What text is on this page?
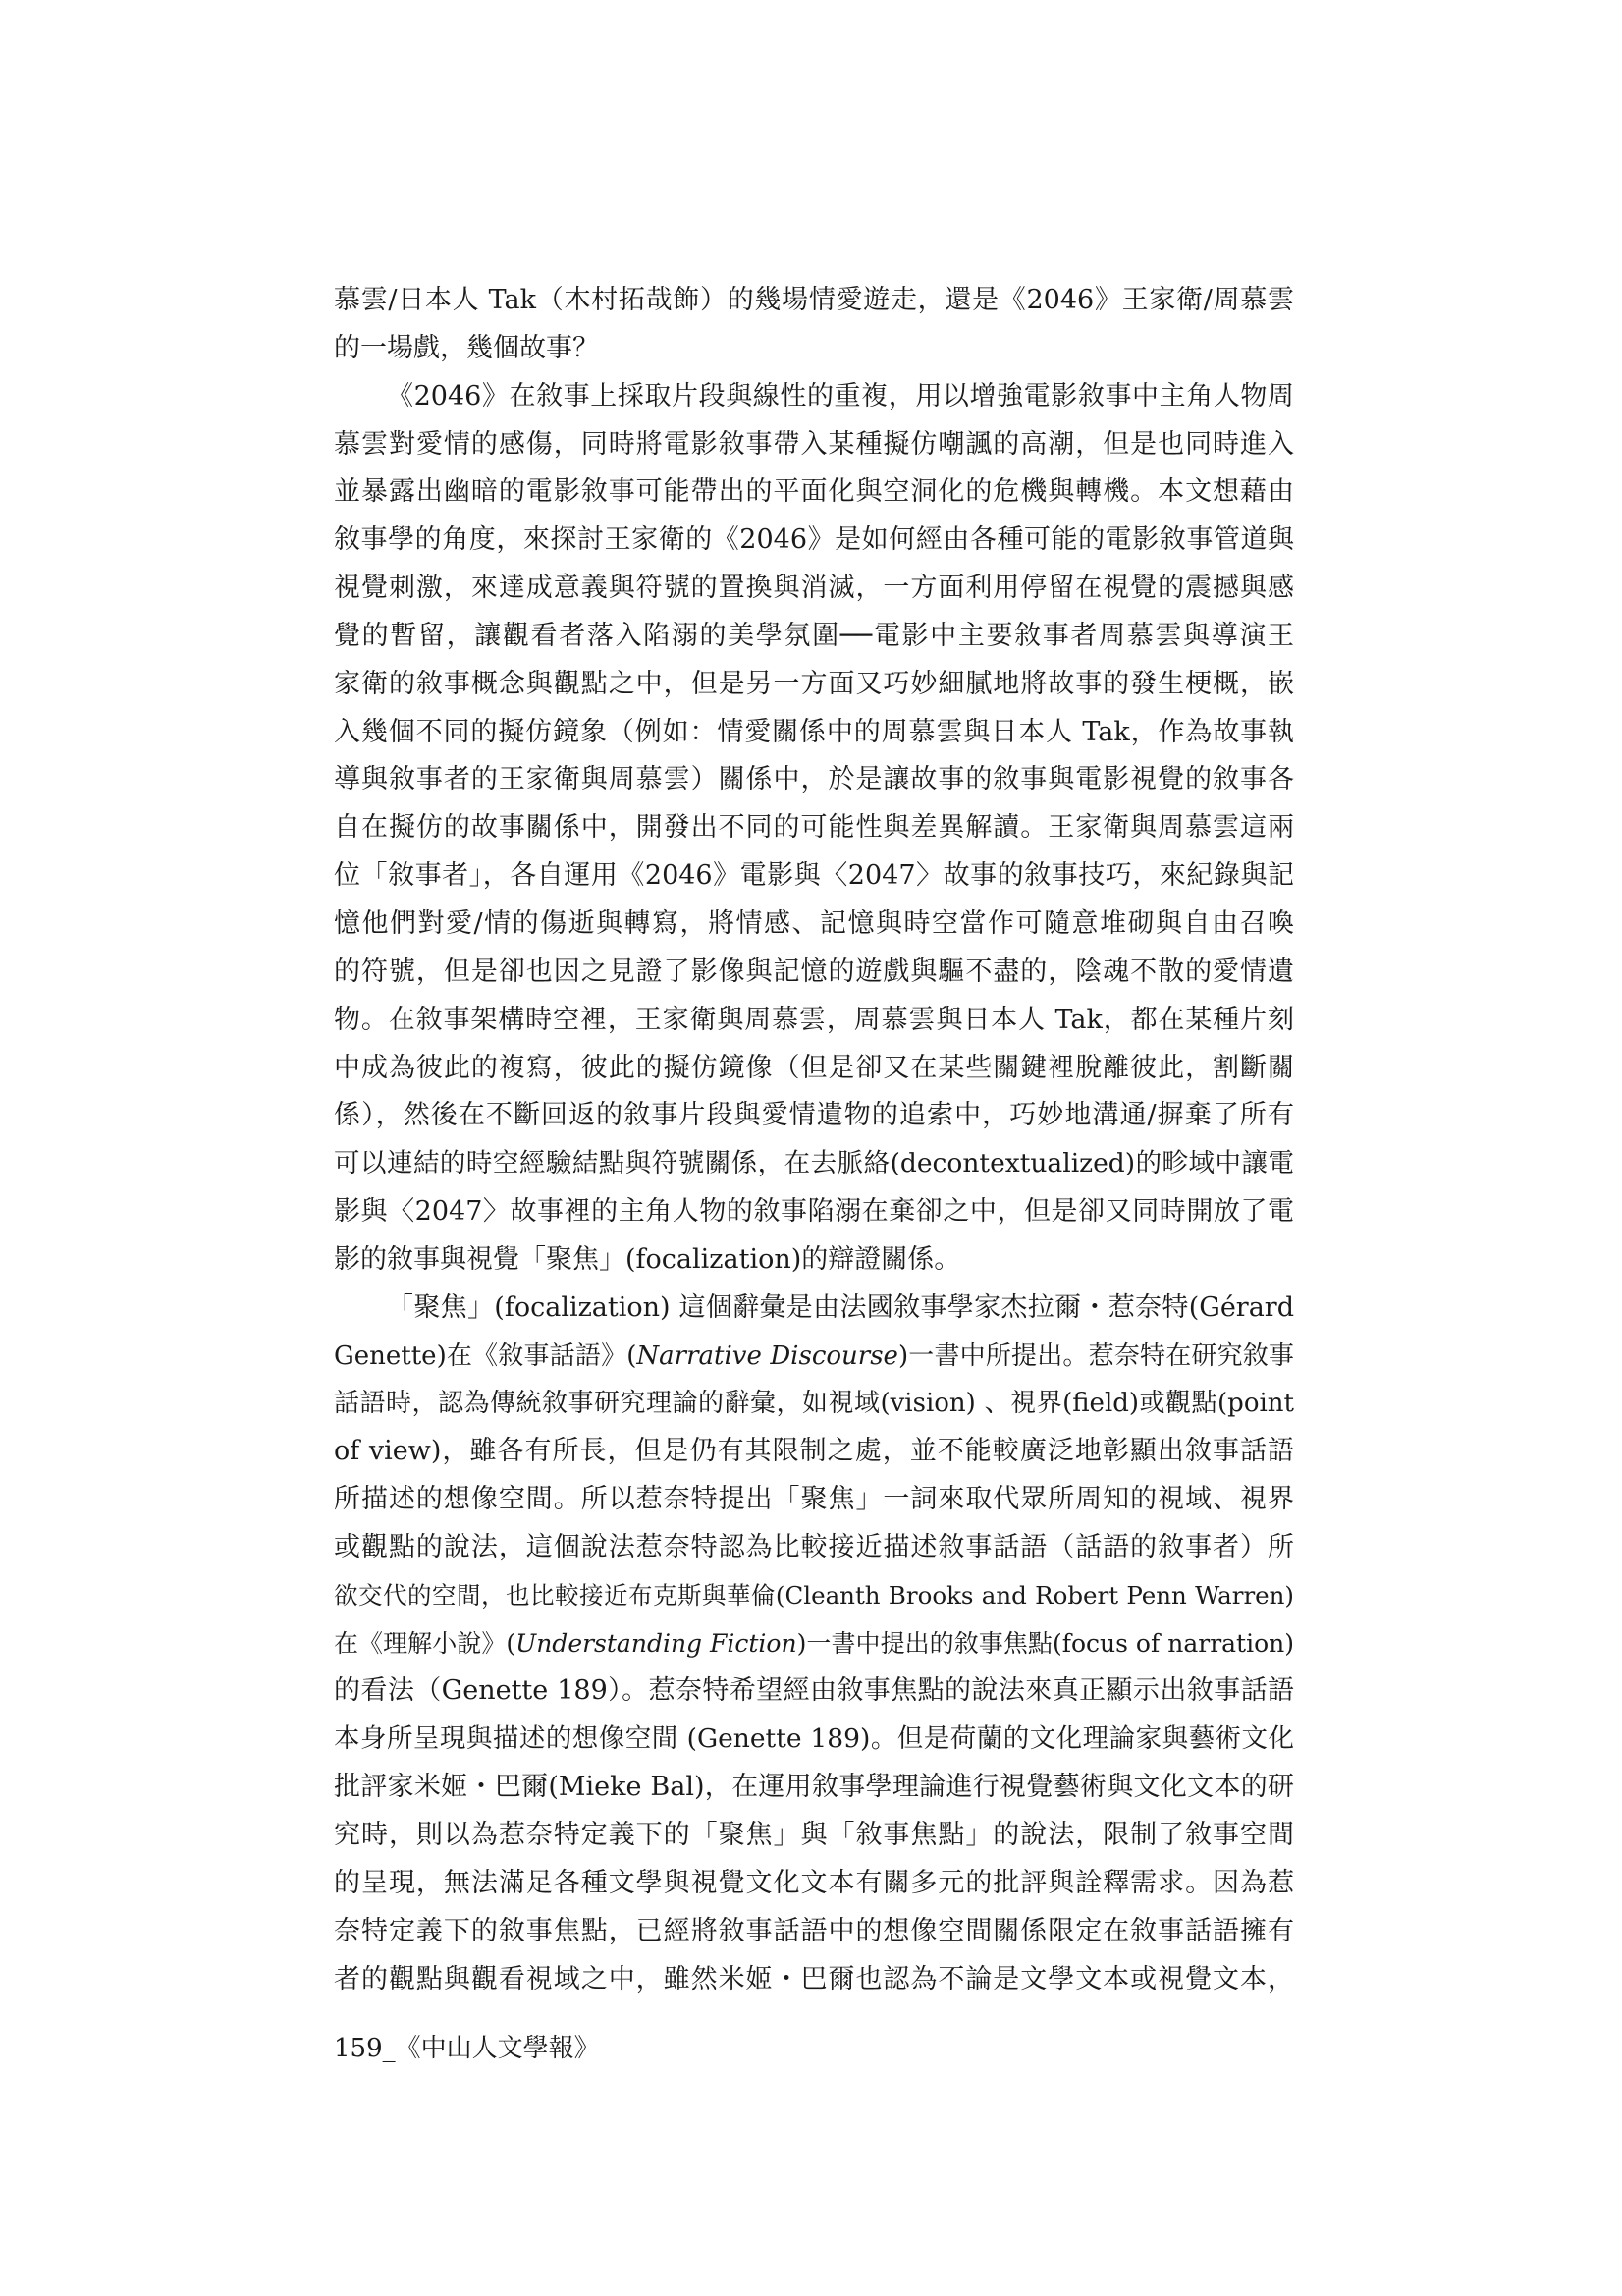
慕雲/日本人 Tak（木村拓哉飾）的幾場情愛遊走，還是《2046》王家衛/周慕雲
的一場戲，幾個故事？

《2046》在敘事上採取片段與線性的重複，用以增強電影敘事中主角人物周
慕雲對愛情的感傷，同時將電影敘事帶入某種擬仿嘲諷的高潮，但是也同時進入
並暴露出幽暗的電影敘事可能帶出的平面化與空洞化的危機與轉機。本文想藉由
敘事學的角度，來探討王家衛的《2046》是如何經由各種可能的電影敘事管道與
視覺刺激，來達成意義與符號的置換與消滅，一方面利用停留在視覺的震撼與感
覺的暫留，讓觀看者落入陷溺的美學氛圍──電影中主要敘事者周慕雲與導演王
家衛的敘事概念與觀點之中，但是另一方面又巧妙細膩地將故事的發生梗概，嵌
入幾個不同的擬仿鏡象（例如：情愛關係中的周慕雲與日本人 Tak，作為故事執
導與敘事者的王家衛與周慕雲）關係中，於是讓故事的敘事與電影視覺的敘事各
自在擬仿的故事關係中，開發出不同的可能性與差異解讀。王家衛與周慕雲這兩
位「敘事者」，各自運用《2046》電影與〈2047〉故事的敘事技巧，來紀錄與記
憶他們對愛/情的傷逝與轉寫，將情感、記憶與時空當作可隨意堆砌與自由召喚
的符號，但是卻也因之見證了影像與記憶的遊戲與驅不盡的，陰魂不散的愛情遺
物。在敘事架構時空裡，王家衛與周慕雲，周慕雲與日本人 Tak，都在某種片刻
中成為彼此的複寫，彼此的擬仿鏡像（但是卻又在某些關鍵裡脫離彼此，割斷關
係），然後在不斷回返的敘事片段與愛情遺物的追索中，巧妙地溝通/摒棄了所有
可以連結的時空經驗結點與符號關係，在去脈絡(decontextualized)的畛域中讓電
影與〈2047〉故事裡的主角人物的敘事陷溺在棄卻之中，但是卻又同時開放了電
影的敘事與視覺「聚焦」(focalization)的辯證關係。

「聚焦」(focalization) 這個辭彙是由法國敘事學家杰拉爾・惹奈特(Gérard
Genette)在《敘事話語》(Narrative Discourse)一書中所提出。惹奈特在研究敘事
話語時，認為傳統敘事研究理論的辭彙，如視域(vision) 、視界(field)或觀點(point
of view)，雖各有所長，但是仍有其限制之處，並不能較廣泛地彰顯出敘事話語
所描述的想像空間。所以惹奈特提出「聚焦」一詞來取代眾所周知的視域、視界
或觀點的說法，這個說法惹奈特認為比較接近描述敘事話語（話語的敘事者）所
欲交代的空間，也比較接近布克斯與華倫(Cleanth Brooks and Robert Penn Warren)
在《理解小說》(Understanding Fiction)一書中提出的敘事焦點(focus of narration)
的看法（Genette 189）。惹奈特希望經由敘事焦點的說法來真正顯示出敘事話語
本身所呈現與描述的想像空間 (Genette 189)。但是荷蘭的文化理論家與藝術文化
批評家米姬・巴爾(Mieke Bal)，在運用敘事學理論進行視覺藝術與文化文本的研
究時，則以為惹奈特定義下的「聚焦」與「敘事焦點」的說法，限制了敘事空間
的呈現，無法滿足各種文學與視覺文化文本有關多元的批評與詮釋需求。因為惹
奈特定義下的敘事焦點，已經將敘事話語中的想像空間關係限定在敘事話語擁有
者的觀點與觀看視域之中，雖然米姬・巴爾也認為不論是文學文本或視覺文本，

159_《中山人文學報》
